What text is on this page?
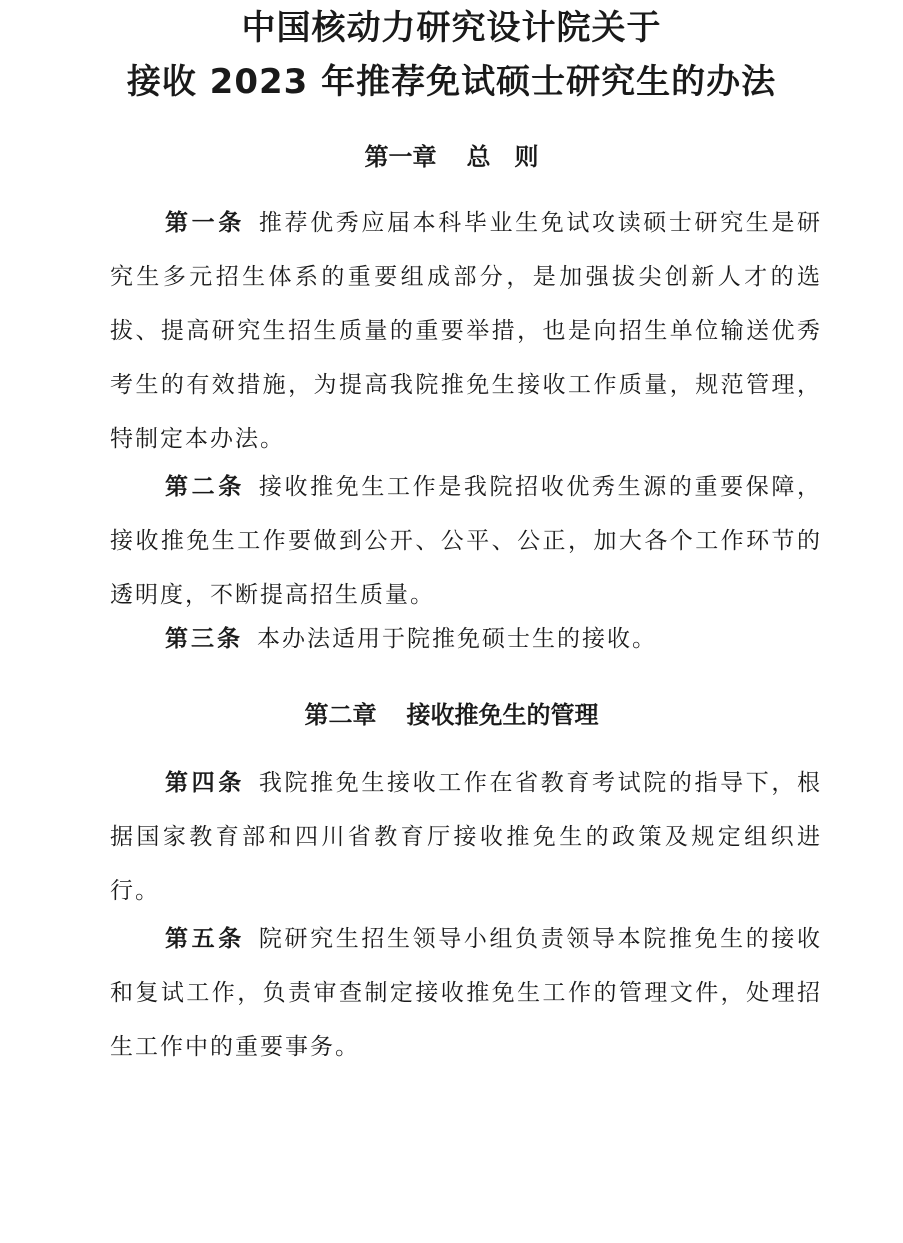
中国核动力研究设计院关于
接收 2023 年推荐免试硕士研究生的办法
第一章 总　则

第一条 推荐优秀应届本科毕业生免试攻读硕士研究生是研究生多元招生体系的重要组成部分，是加强拔尖创新人才的选拔、提高研究生招生质量的重要举措，也是向招生单位输送优秀考生的有效措施，为提高我院推免生接收工作质量，规范管理，特制定本办法。

第二条 接收推免生工作是我院招收优秀生源的重要保障，接收推免生工作要做到公开、公平、公正，加大各个工作环节的透明度，不断提高招生质量。

第三条 本办法适用于院推免硕士生的接收。

第二章 接收推免生的管理

第四条 我院推免生接收工作在省教育考试院的指导下，根据国家教育部和四川省教育厅接收推免生的政策及规定组织进行。

第五条 院研究生招生领导小组负责领导本院推免生的接收和复试工作，负责审查制定接收推免生工作的管理文件，处理招生工作中的重要事务。
